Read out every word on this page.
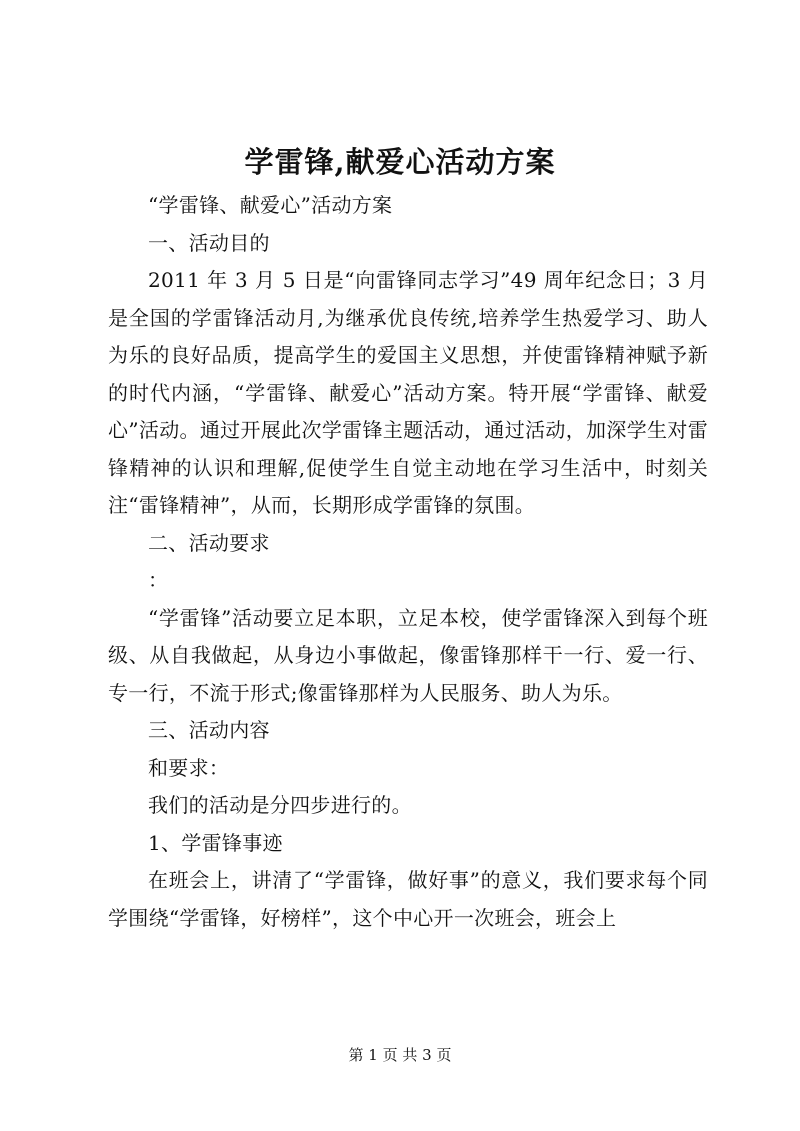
学雷锋,献爱心活动方案

“学雷锋、献爱心”活动方案

一、活动目的

2011 年 3 月 5 日是“向雷锋同志学习”49 周年纪念日；3 月是全国的学雷锋活动月,为继承优良传统,培养学生热爱学习、助人为乐的良好品质，提高学生的爱国主义思想，并使雷锋精神赋予新的时代内涵，“学雷锋、献爱心”活动方案。特开展“学雷锋、献爱心”活动。通过开展此次学雷锋主题活动，通过活动，加深学生对雷锋精神的认识和理解,促使学生自觉主动地在学习生活中，时刻关注“雷锋精神”，从而，长期形成学雷锋的氛围。

二、活动要求

：

“学雷锋”活动要立足本职，立足本校，使学雷锋深入到每个班级、从自我做起，从身边小事做起，像雷锋那样干一行、爱一行、专一行，不流于形式;像雷锋那样为人民服务、助人为乐。

三、活动内容

和要求：

我们的活动是分四步进行的。

1、学雷锋事迹

在班会上，讲清了“学雷锋，做好事”的意义，我们要求每个同学围绕“学雷锋，好榜样”，这个中心开一次班会，班会上

第 1 页 共 3 页
